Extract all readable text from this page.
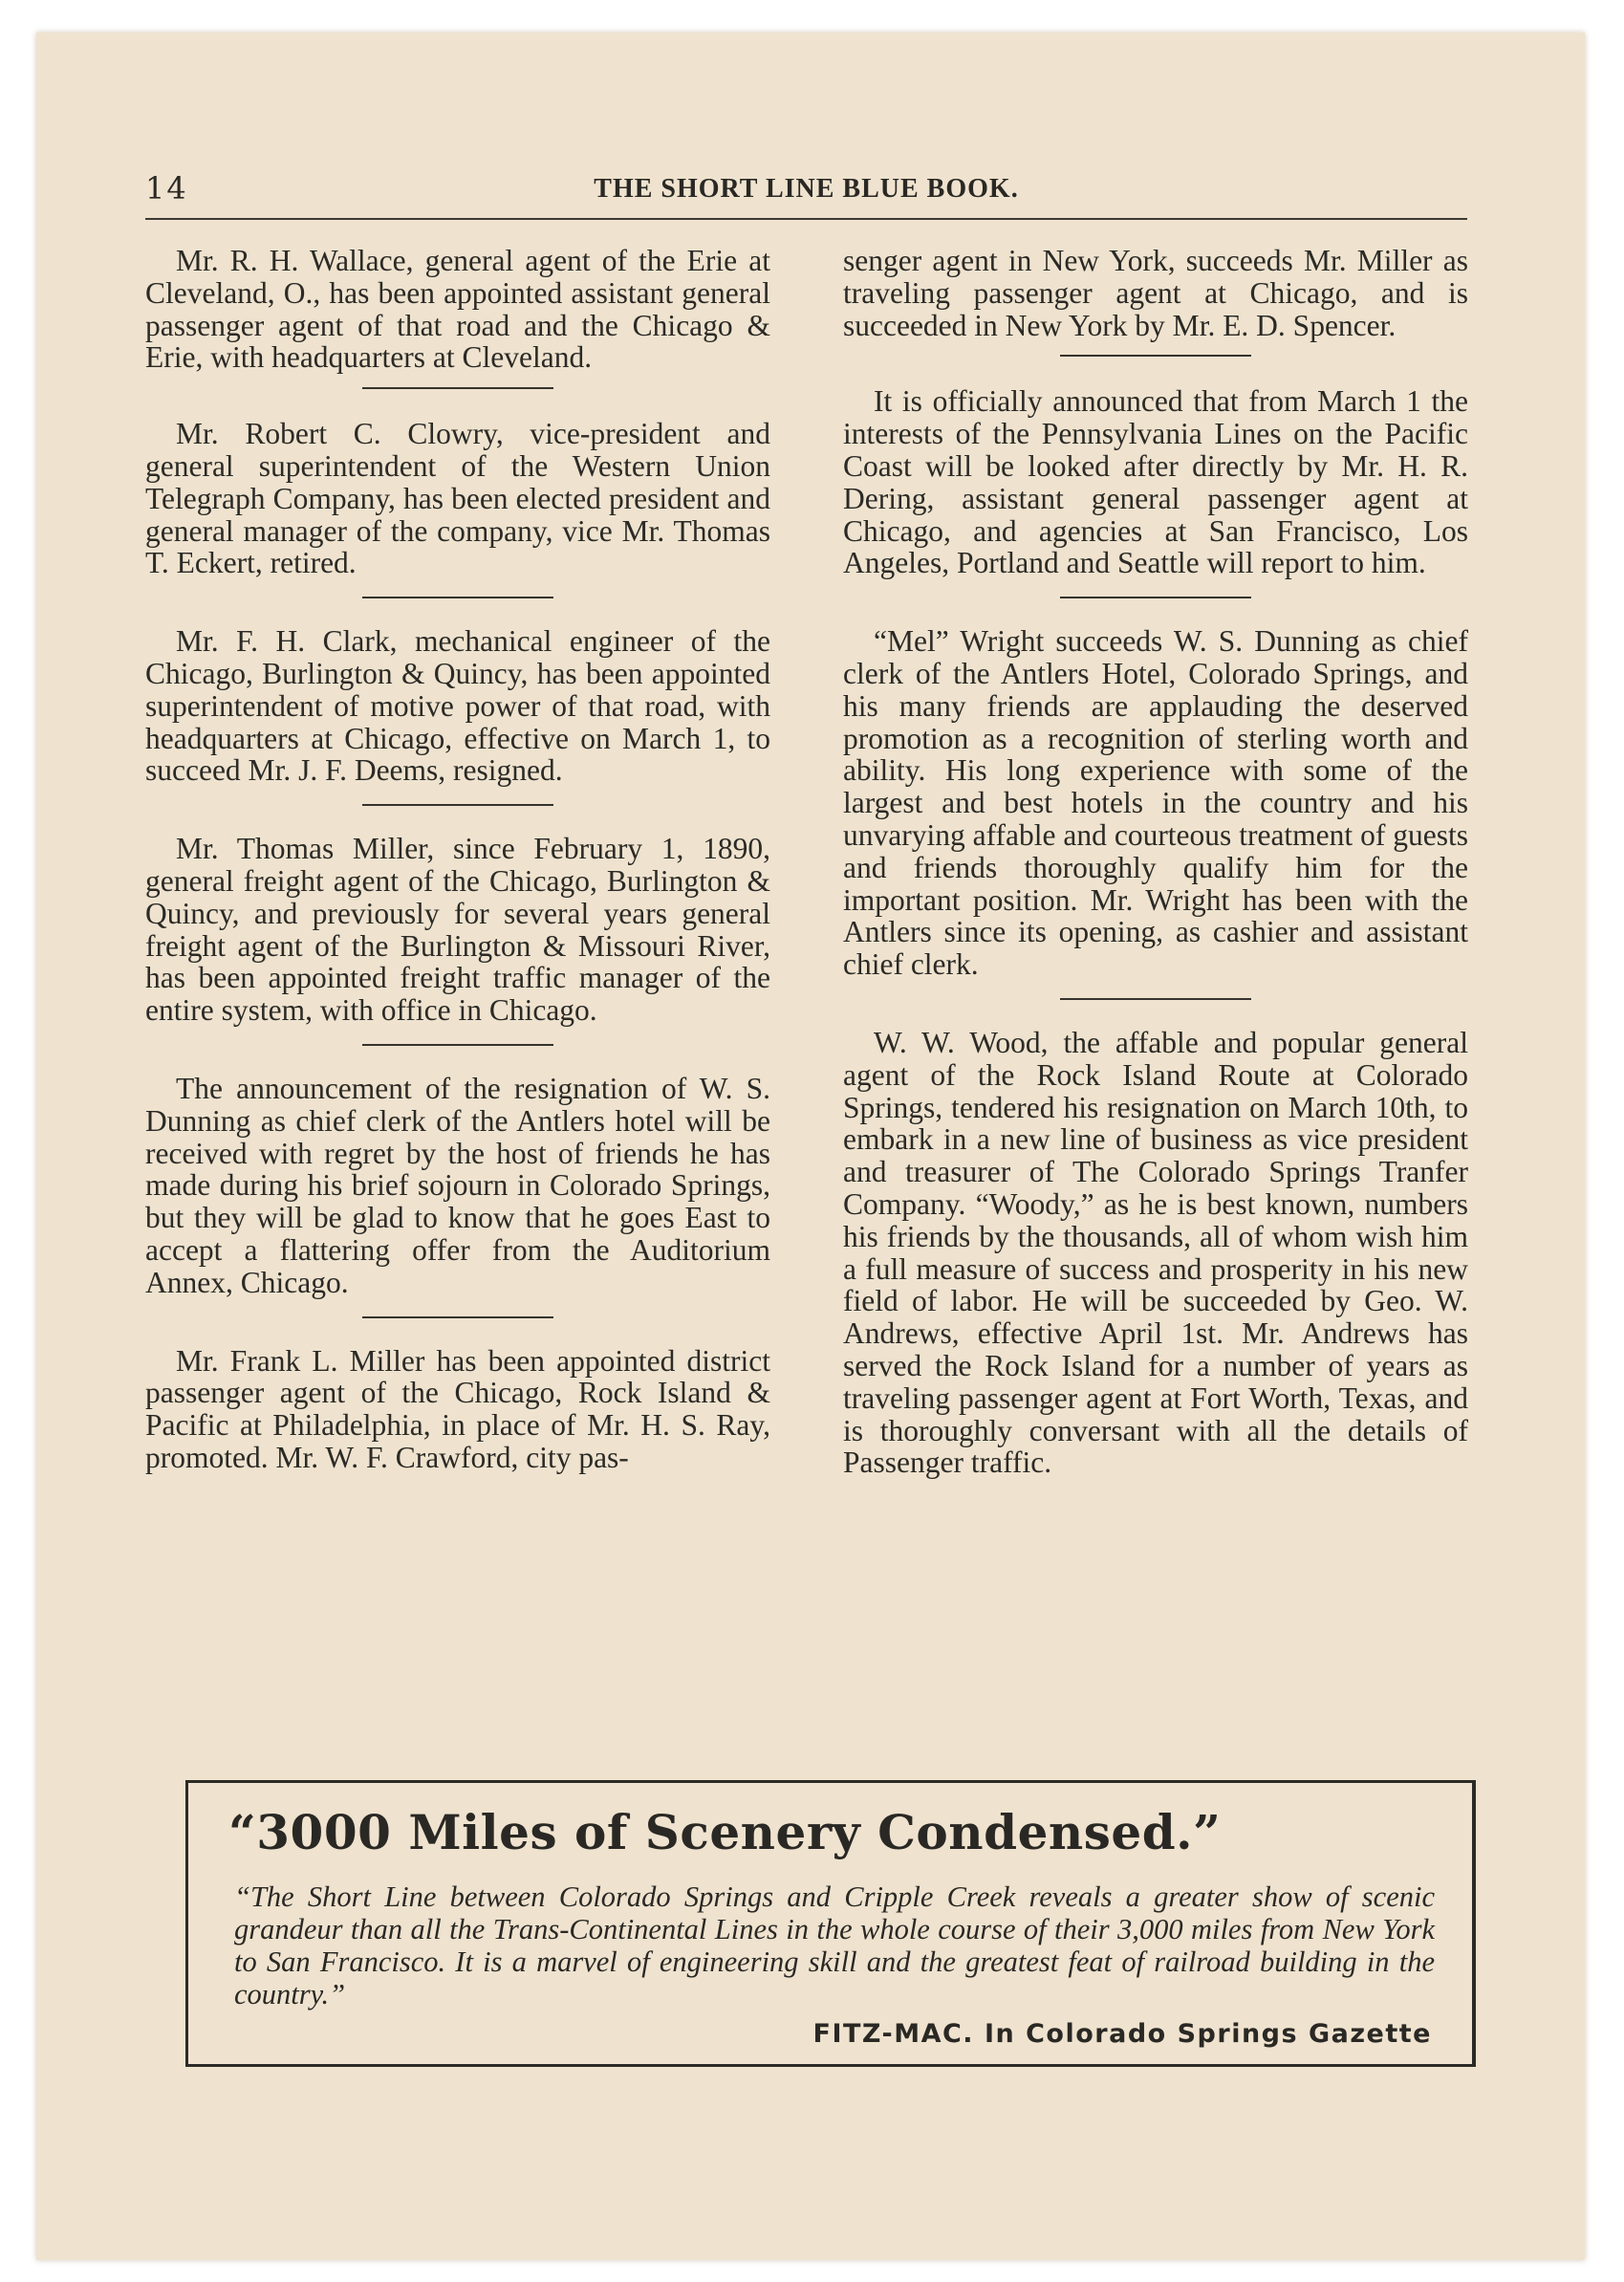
14	THE SHORT LINE BLUE BOOK.

Mr. R. H. Wallace, general agent of the Erie at Cleveland, O., has been appointed assistant general passenger agent of that road and the Chicago & Erie, with headquarters at Cleveland.

Mr. Robert C. Clowry, vice-president and general superintendent of the Western Union Telegraph Company, has been elected president and general manager of the company, vice Mr. Thomas T. Eckert, retired.

Mr. F. H. Clark, mechanical engineer of the Chicago, Burlington & Quincy, has been appointed superintendent of motive power of that road, with headquarters at Chicago, effective on March 1, to succeed Mr. J. F. Deems, resigned.

Mr. Thomas Miller, since February 1, 1890, general freight agent of the Chicago, Burlington & Quincy, and previously for several years general freight agent of the Burlington & Missouri River, has been appointed freight traffic manager of the entire system, with office in Chicago.

The announcement of the resignation of W. S. Dunning as chief clerk of the Antlers hotel will be received with regret by the host of friends he has made during his brief sojourn in Colorado Springs, but they will be glad to know that he goes East to accept a flattering offer from the Auditorium Annex, Chicago.

Mr. Frank L. Miller has been appointed district passenger agent of the Chicago, Rock Island & Pacific at Philadelphia, in place of Mr. H. S. Ray, promoted. Mr. W. F. Crawford, city pas-

senger agent in New York, succeeds Mr. Miller as traveling passenger agent at Chicago, and is succeeded in New York by Mr. E. D. Spencer.

It is officially announced that from March 1 the interests of the Pennsylvania Lines on the Pacific Coast will be looked after directly by Mr. H. R. Dering, assistant general passenger agent at Chicago, and agencies at San Francisco, Los Angeles, Portland and Seattle will report to him.

“Mel” Wright succeeds W. S. Dunning as chief clerk of the Antlers Hotel, Colorado Springs, and his many friends are applauding the deserved promotion as a recognition of sterling worth and ability. His long experience with some of the largest and best hotels in the country and his unvarying affable and courteous treatment of guests and friends thoroughly qualify him for the important position. Mr. Wright has been with the Antlers since its opening, as cashier and assistant chief clerk.

W. W. Wood, the affable and popular general agent of the Rock Island Route at Colorado Springs, tendered his resignation on March 10th, to embark in a new line of business as vice president and treasurer of The Colorado Springs Tranfer Company. “Woody,” as he is best known, numbers his friends by the thousands, all of whom wish him a full measure of success and prosperity in his new field of labor. He will be succeeded by Geo. W. Andrews, effective April 1st. Mr. Andrews has served the Rock Island for a number of years as traveling passenger agent at Fort Worth, Texas, and is thoroughly conversant with all the details of Passenger traffic.

“3000 Miles of Scenery Condensed.”
“The Short Line between Colorado Springs and Cripple Creek reveals a greater show of scenic grandeur than all the Trans-Continental Lines in the whole course of their 3,000 miles from New York to San Francisco. It is a marvel of engineering skill and the greatest feat of railroad building in the country.”
FITZ-MAC. In Colorado Springs Gazette
